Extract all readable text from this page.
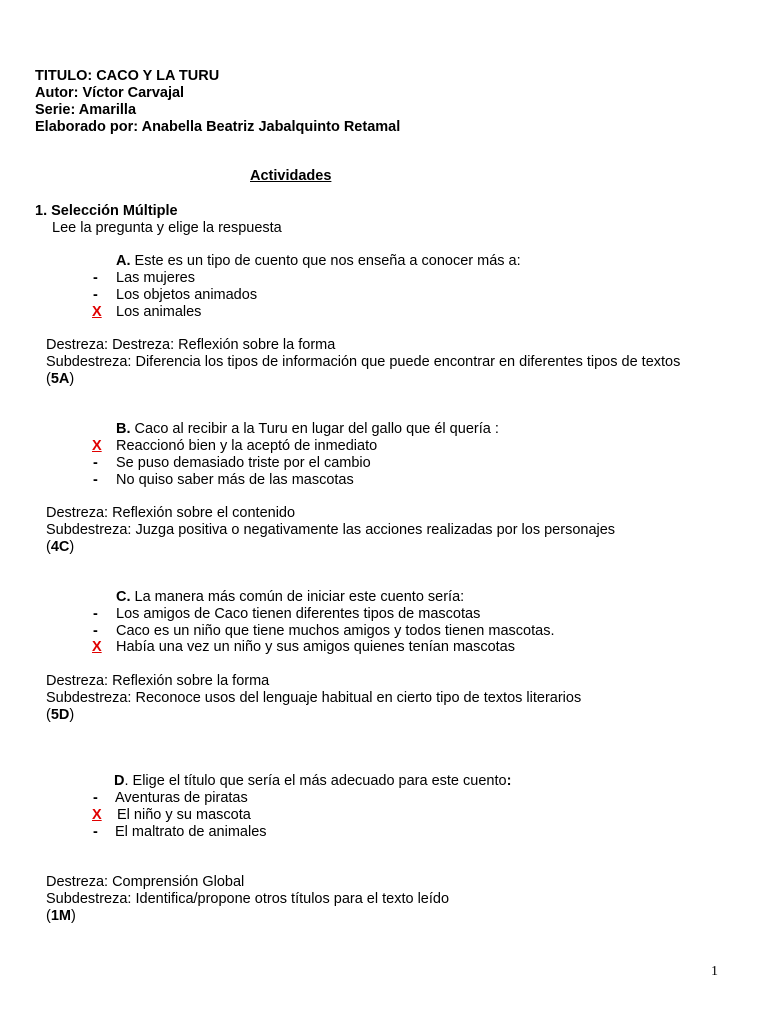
TITULO: CACO Y LA TURU
Autor: Víctor Carvajal
Serie: Amarilla
Elaborado por: Anabella Beatriz Jabalquinto Retamal
Actividades
1. Selección Múltiple
Lee la pregunta y elige la respuesta
A. Este es un tipo de cuento que nos enseña a conocer más a:
-	Las mujeres
-	Los objetos animados
X Los animales
Destreza: Destreza: Reflexión sobre la forma
Subdestreza: Diferencia los tipos de información que puede encontrar en diferentes tipos de textos
(5A)
B. Caco al recibir a la Turu en lugar del gallo que él quería :
X Reaccionó bien y la aceptó de inmediato
-	Se puso demasiado triste por el cambio
-	No quiso saber más de las mascotas
Destreza: Reflexión sobre el contenido
Subdestreza: Juzga positiva o negativamente las acciones realizadas por los personajes
(4C)
C. La manera más común de iniciar este cuento sería:
-	Los amigos de Caco tienen diferentes tipos de mascotas
-	Caco es un niño que tiene muchos amigos y todos tienen mascotas.
X Había una vez un niño y sus amigos quienes tenían mascotas
Destreza: Reflexión sobre la forma
Subdestreza: Reconoce usos del lenguaje habitual en cierto tipo de textos literarios
(5D)
D. Elige el título que sería el más adecuado para este cuento:
-	Aventuras de piratas
X El niño y su mascota
-	El maltrato de animales
Destreza: Comprensión Global
Subdestreza: Identifica/propone otros títulos para el texto leído
(1M)
1
